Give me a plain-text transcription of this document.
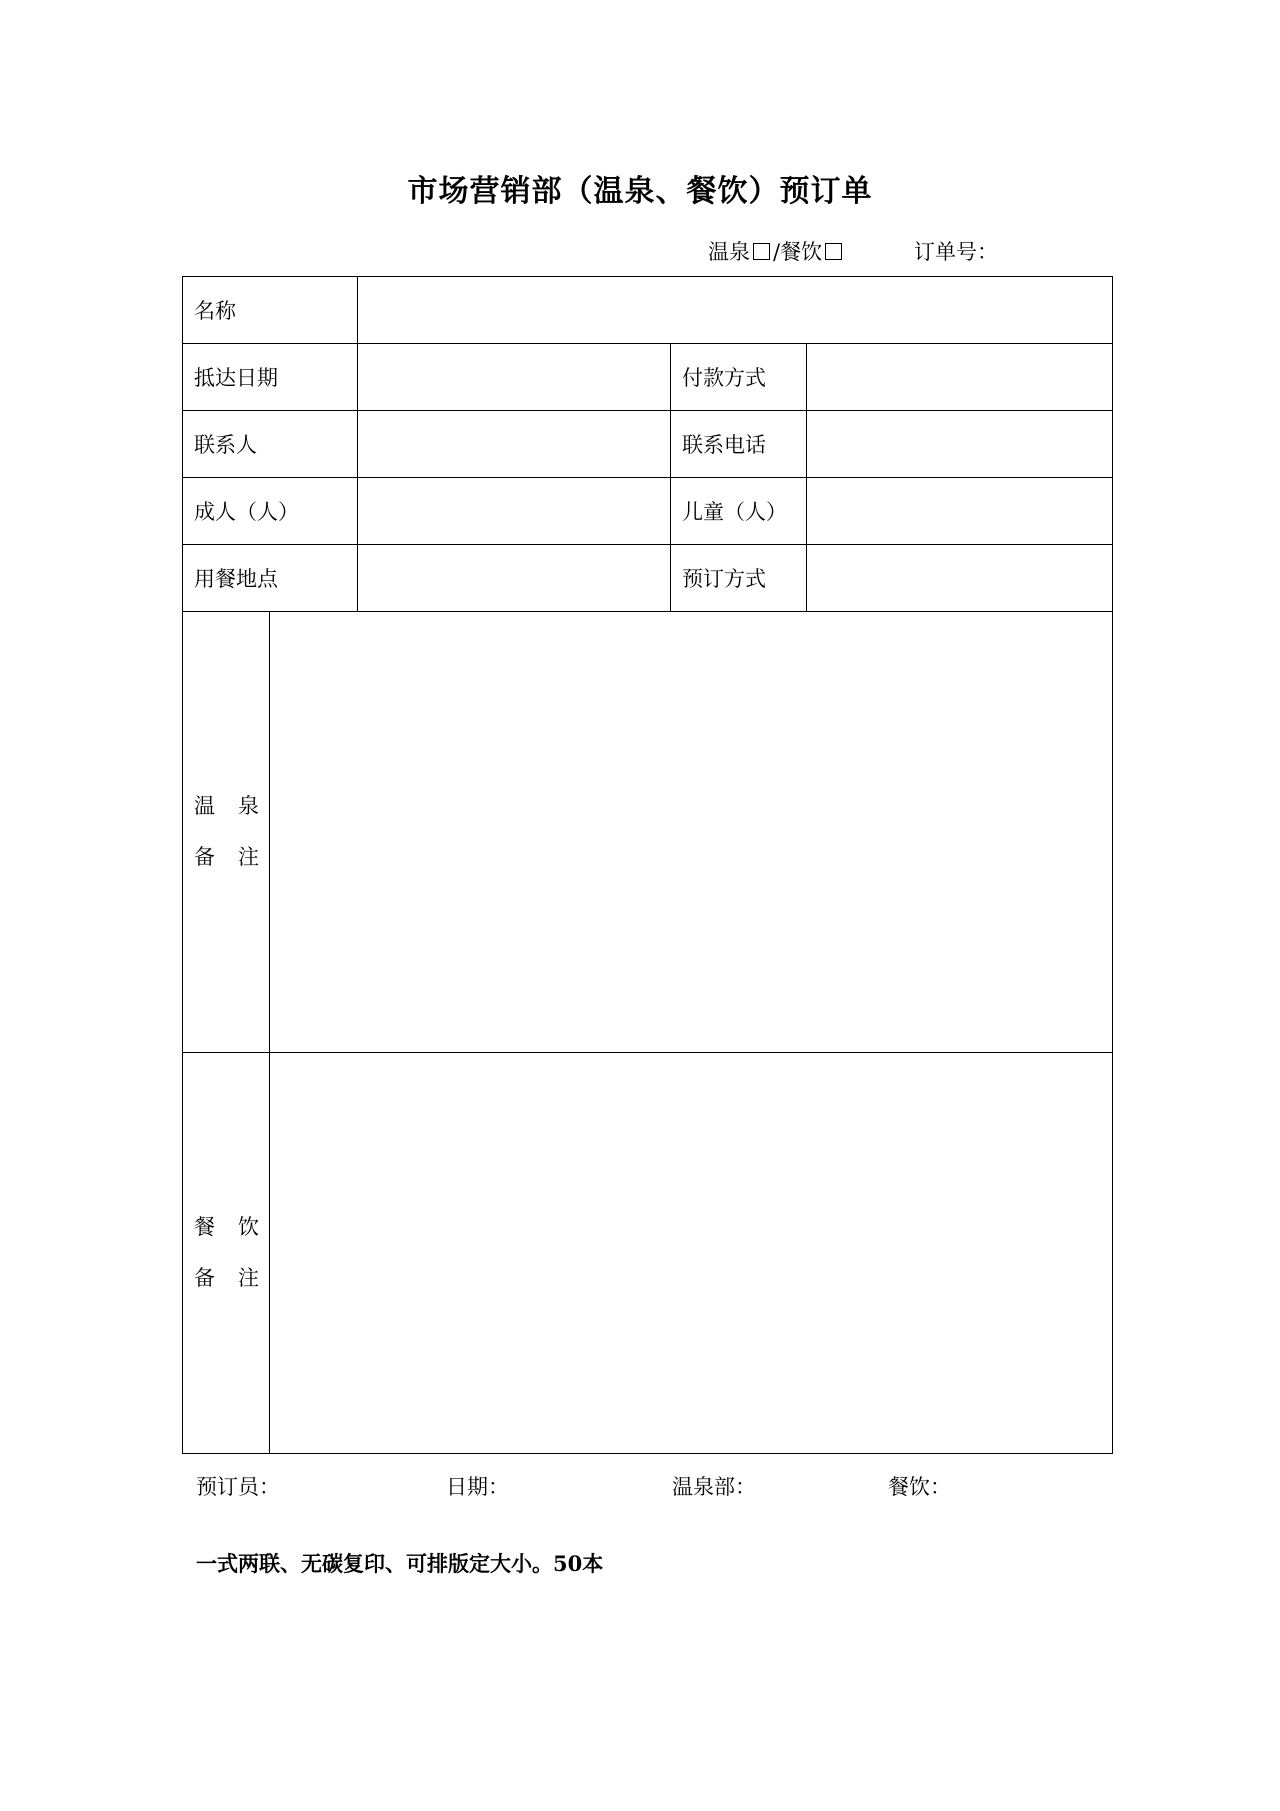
市场营销部（温泉、餐饮）预订单
温泉 /餐饮	订单号：
名称				
抵达日期			付款方式	
联系人			联系电话	
成人（人）			儿童（人）	
用餐地点			预订方式	

温 泉
备 注				

餐 饮
备 注				

预订员：	日期：	温泉部：	餐饮：
一式两联、无碳复印、可排版定大小。50本
